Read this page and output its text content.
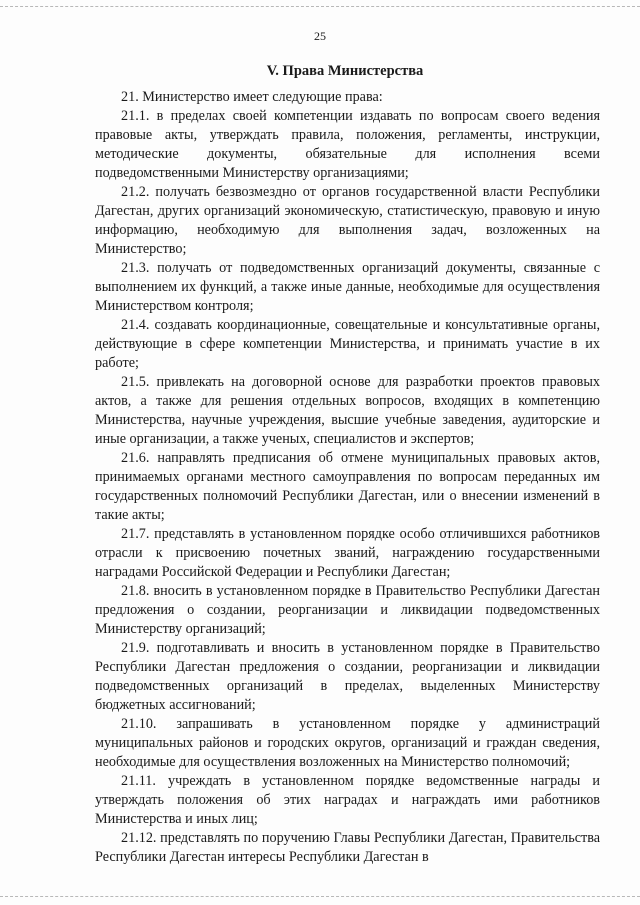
25
V. Права Министерства

21. Министерство имеет следующие права:

21.1. в пределах своей компетенции издавать по вопросам своего ведения правовые акты, утверждать правила, положения, регламенты, инструкции, методические документы, обязательные для исполнения всеми подведомственными Министерству организациями;

21.2. получать безвозмездно от органов государственной власти Республики Дагестан, других организаций экономическую, статистическую, правовую и иную информацию, необходимую для выполнения задач, возложенных на Министерство;

21.3. получать от подведомственных организаций документы, связанные с выполнением их функций, а также иные данные, необходимые для осуществления Министерством контроля;

21.4. создавать координационные, совещательные и консультативные органы, действующие в сфере компетенции Министерства, и принимать участие в их работе;

21.5. привлекать на договорной основе для разработки проектов правовых актов, а также для решения отдельных вопросов, входящих в компетенцию Министерства, научные учреждения, высшие учебные заведения, аудиторские и иные организации, а также ученых, специалистов и экспертов;

21.6. направлять предписания об отмене муниципальных правовых актов, принимаемых органами местного самоуправления по вопросам переданных им государственных полномочий Республики Дагестан, или о внесении изменений в такие акты;

21.7. представлять в установленном порядке особо отличившихся работников отрасли к присвоению почетных званий, награждению государственными наградами Российской Федерации и Республики Дагестан;

21.8. вносить в установленном порядке в Правительство Республики Дагестан предложения о создании, реорганизации и ликвидации подведомственных Министерству организаций;

21.9. подготавливать и вносить в установленном порядке в Правительство Республики Дагестан предложения о создании, реорганизации и ликвидации подведомственных организаций в пределах, выделенных Министерству бюджетных ассигнований;

21.10. запрашивать в установленном порядке у администраций муниципальных районов и городских округов, организаций и граждан сведения, необходимые для осуществления возложенных на Министерство полномочий;

21.11. учреждать в установленном порядке ведомственные награды и утверждать положения об этих наградах и награждать ими работников Министерства и иных лиц;

21.12. представлять по поручению Главы Республики Дагестан, Правительства Республики Дагестан интересы Республики Дагестан в
